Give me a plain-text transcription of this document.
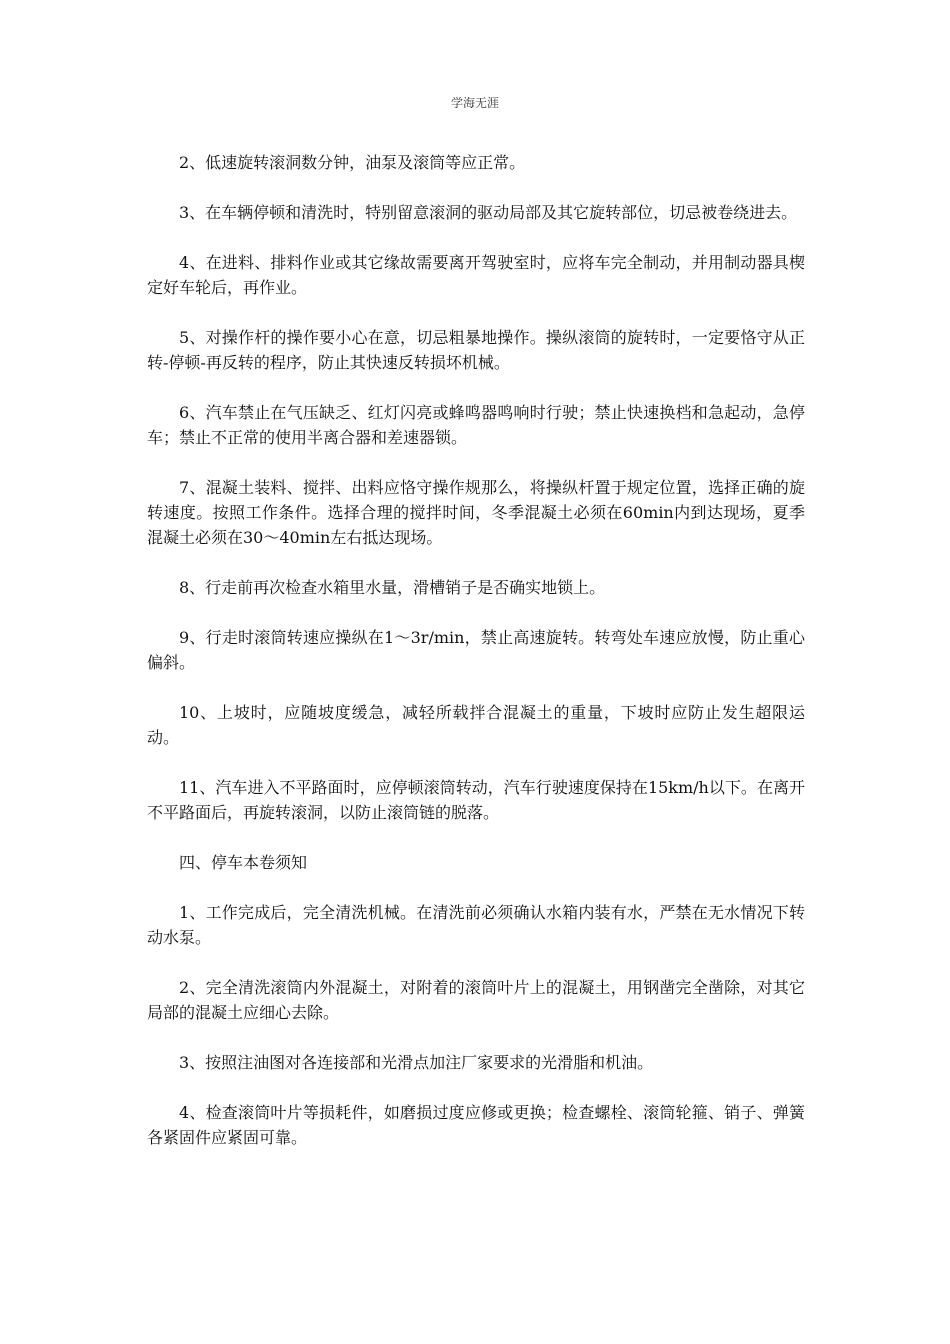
学海无涯

2、低速旋转滚洞数分钟，油泵及滚筒等应正常。

3、在车辆停顿和清洗时，特别留意滚洞的驱动局部及其它旋转部位，切忌被卷绕进去。

4、在进料、排料作业或其它缘故需要离开驾驶室时，应将车完全制动，并用制动器具楔定好车轮后，再作业。

5、对操作杆的操作要小心在意，切忌粗暴地操作。操纵滚筒的旋转时，一定要恪守从正转-停顿-再反转的程序，防止其快速反转损坏机械。

6、汽车禁止在气压缺乏、红灯闪亮或蜂鸣器鸣响时行驶；禁止快速换档和急起动，急停车；禁止不正常的使用半离合器和差速器锁。

7、混凝土装料、搅拌、出料应恪守操作规那么，将操纵杆置于规定位置，选择正确的旋转速度。按照工作条件。选择合理的搅拌时间，冬季混凝土必须在60min内到达现场，夏季混凝土必须在30～40min左右抵达现场。

8、行走前再次检查水箱里水量，滑槽销子是否确实地锁上。

9、行走时滚筒转速应操纵在1～3r/min，禁止高速旋转。转弯处车速应放慢，防止重心偏斜。

10、上坡时，应随坡度缓急，减轻所载拌合混凝土的重量，下坡时应防止发生超限运动。

11、汽车进入不平路面时，应停顿滚筒转动，汽车行驶速度保持在15km/h以下。在离开不平路面后，再旋转滚洞，以防止滚筒链的脱落。

四、停车本卷须知

1、工作完成后，完全清洗机械。在清洗前必须确认水箱内装有水，严禁在无水情况下转动水泵。

2、完全清洗滚筒内外混凝土，对附着的滚筒叶片上的混凝土，用钢凿完全凿除，对其它局部的混凝土应细心去除。

3、按照注油图对各连接部和光滑点加注厂家要求的光滑脂和机油。

4、检查滚筒叶片等损耗件，如磨损过度应修或更换；检查螺栓、滚筒轮箍、销子、弹簧各紧固件应紧固可靠。
